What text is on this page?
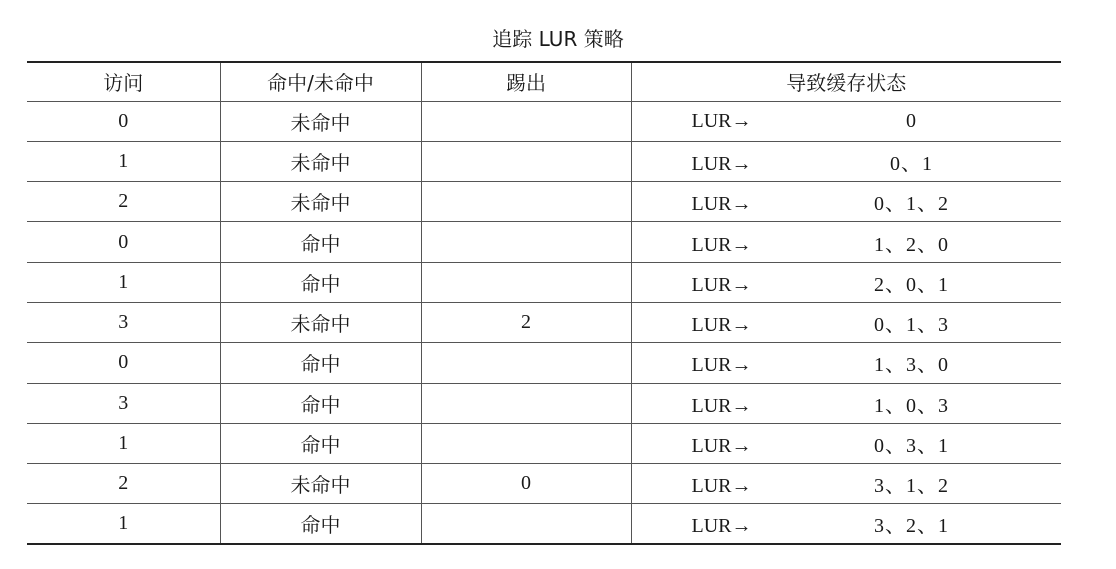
追踪 LUR 策略
访问	命中/未命中	踢出	导致缓存状态
0	未命中		LUR→ 0
1	未命中		LUR→ 0、1
2	未命中		LUR→ 0、1、2
0	命中		LUR→ 1、2、0
1	命中		LUR→ 2、0、1
3	未命中	2	LUR→ 0、1、3
0	命中		LUR→ 1、3、0
3	命中		LUR→ 1、0、3
1	命中		LUR→ 0、3、1
2	未命中	0	LUR→ 3、1、2
1	命中		LUR→ 3、2、1
